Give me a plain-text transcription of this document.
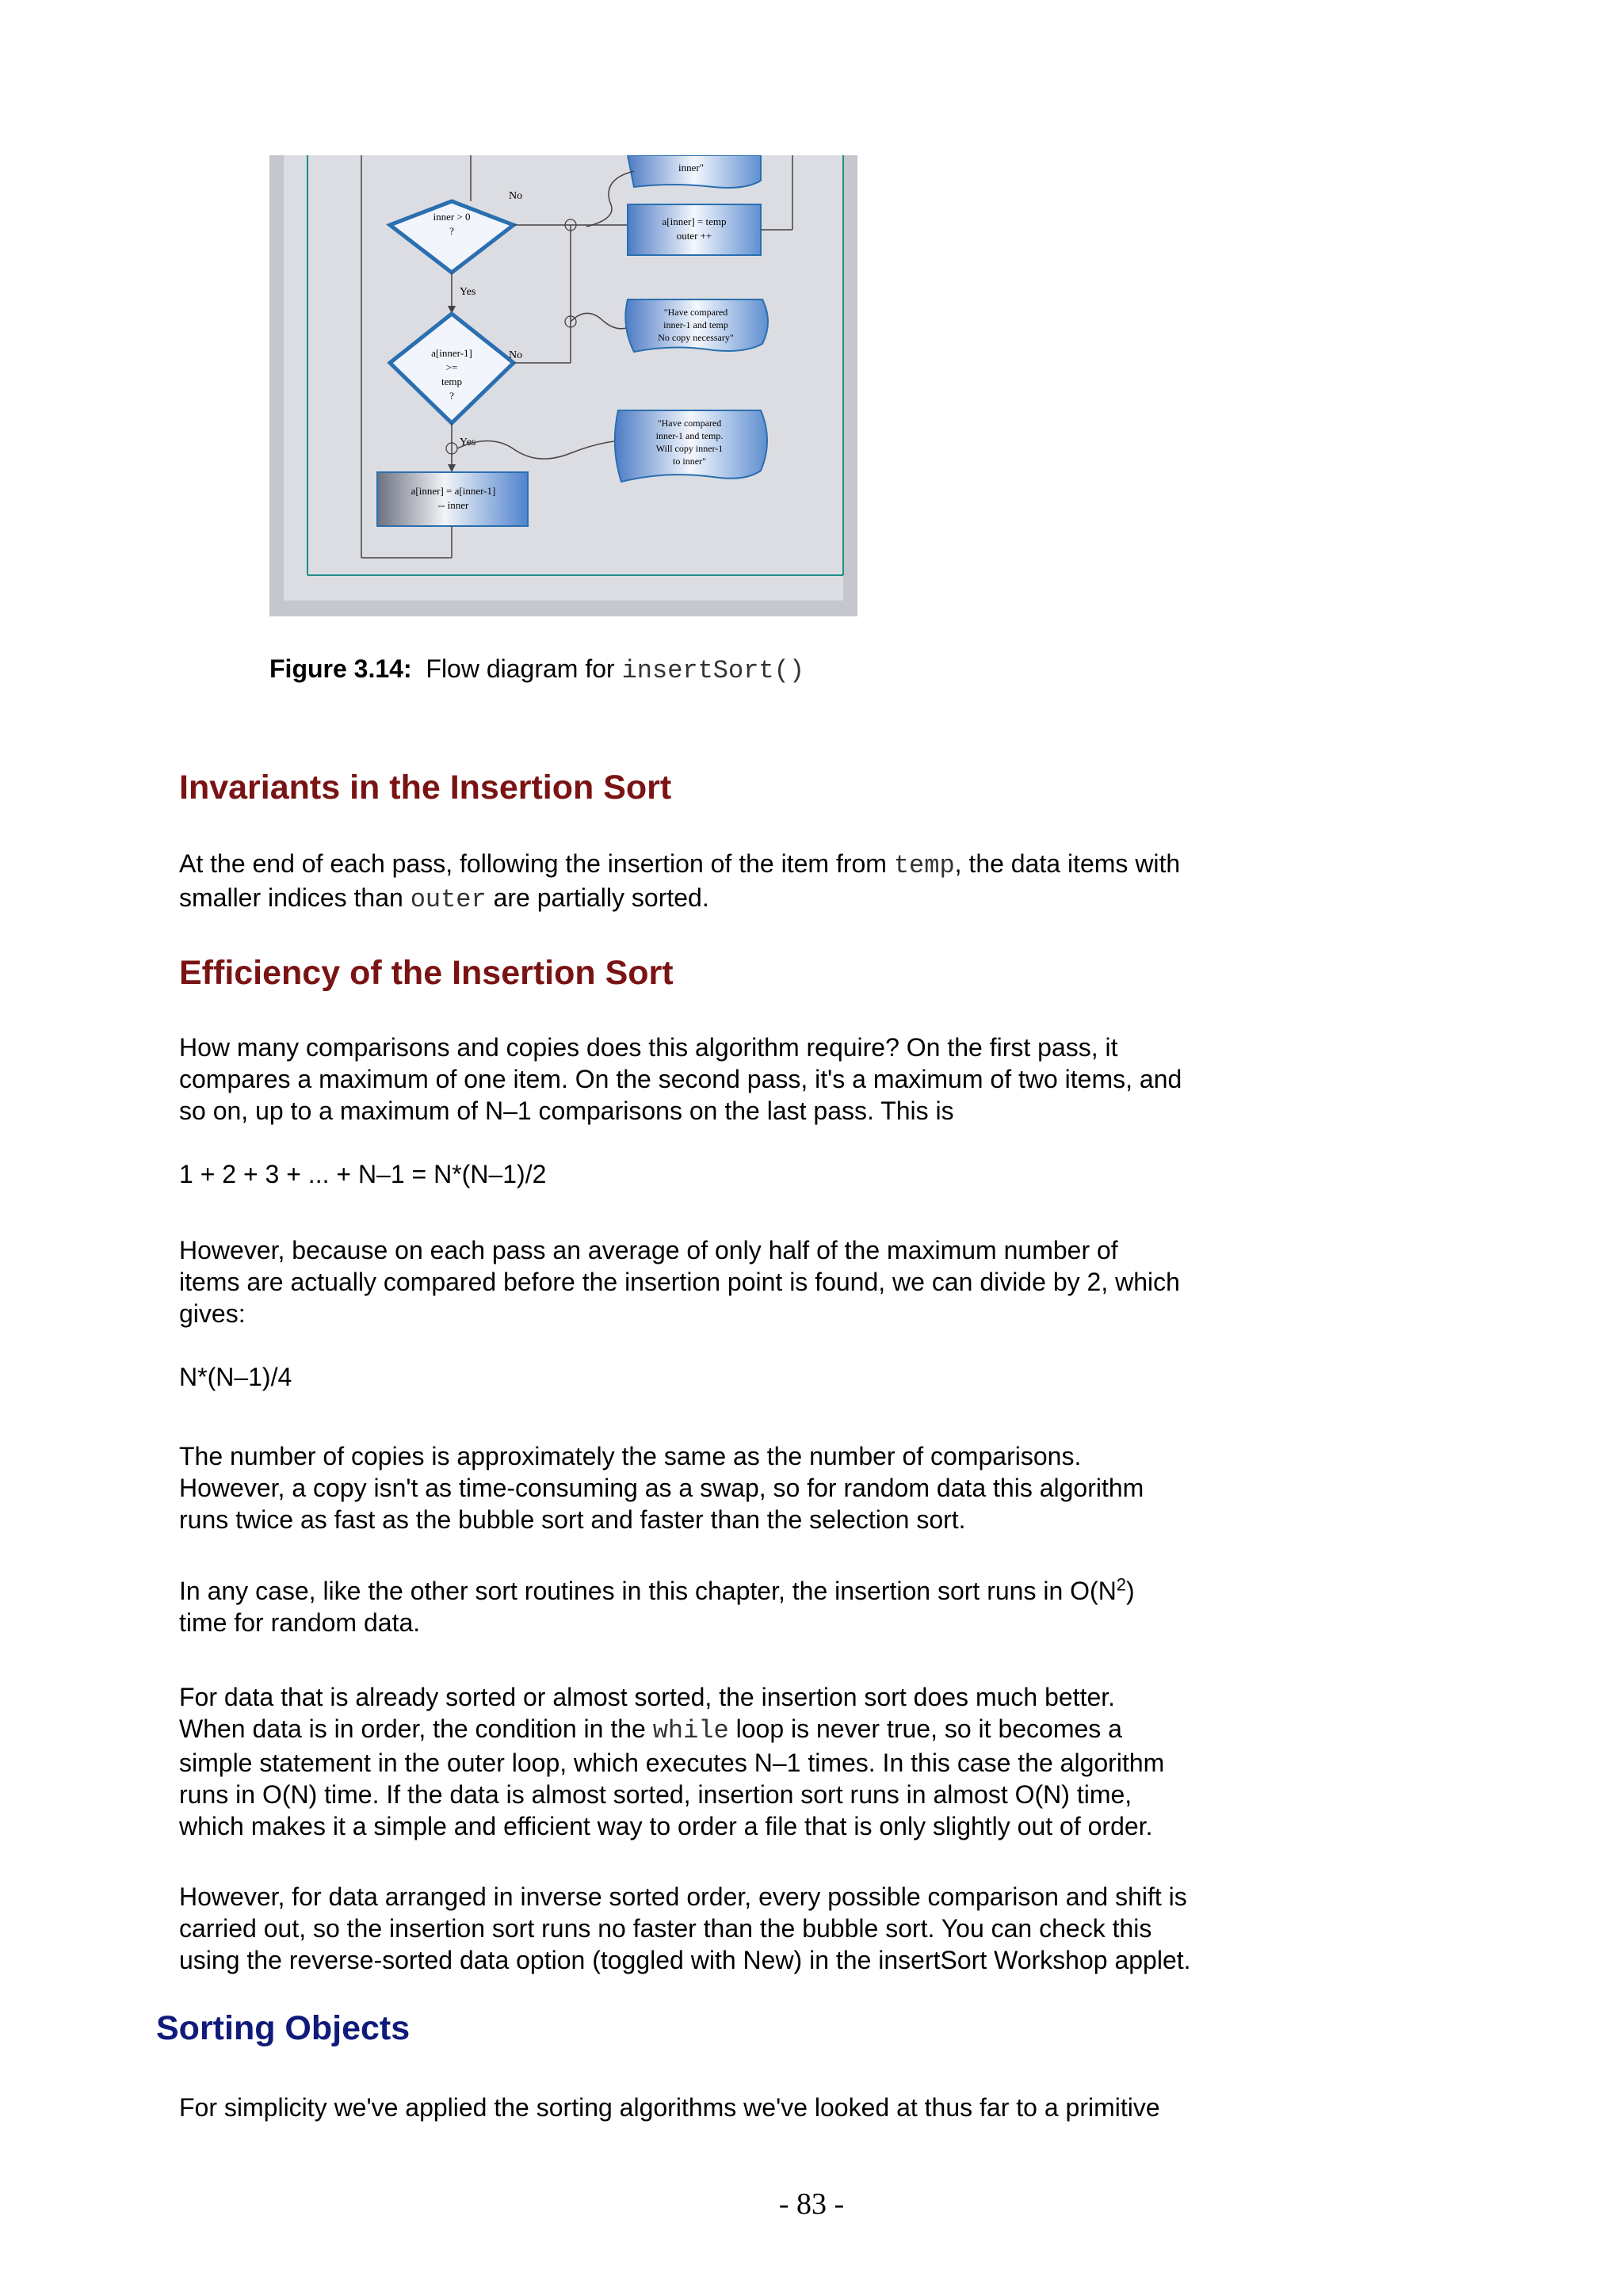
inner"
inner > 0
?
No
a[inner] = temp
outer ++
Yes
a[inner-1]
>=
temp
?
No
"Have compared
inner-1 and temp
No copy necessary"
Yes
"Have compared
inner-1 and temp.
Will copy inner-1
to inner"
a[inner] = a[inner-1]
-- inner
Figure 3.14: Flow diagram for insertSort()
Invariants in the Insertion Sort
At the end of each pass, following the insertion of the item from temp, the data items with
smaller indices than outer are partially sorted.
Efficiency of the Insertion Sort
How many comparisons and copies does this algorithm require? On the first pass, it
compares a maximum of one item. On the second pass, it's a maximum of two items, and
so on, up to a maximum of N–1 comparisons on the last pass. This is
1 + 2 + 3 + ... + N–1 = N*(N–1)/2
However, because on each pass an average of only half of the maximum number of
items are actually compared before the insertion point is found, we can divide by 2, which
gives:
N*(N–1)/4
The number of copies is approximately the same as the number of comparisons.
However, a copy isn't as time-consuming as a swap, so for random data this algorithm
runs twice as fast as the bubble sort and faster than the selection sort.
In any case, like the other sort routines in this chapter, the insertion sort runs in $O(N^2)$
time for random data.
For data that is already sorted or almost sorted, the insertion sort does much better.
When data is in order, the condition in the while loop is never true, so it becomes a
simple statement in the outer loop, which executes N–1 times. In this case the algorithm
runs in O(N) time. If the data is almost sorted, insertion sort runs in almost O(N) time,
which makes it a simple and efficient way to order a file that is only slightly out of order.
However, for data arranged in inverse sorted order, every possible comparison and shift is
carried out, so the insertion sort runs no faster than the bubble sort. You can check this
using the reverse-sorted data option (toggled with New) in the insertSort Workshop applet.
Sorting Objects
For simplicity we've applied the sorting algorithms we've looked at thus far to a primitive
- 83 -
